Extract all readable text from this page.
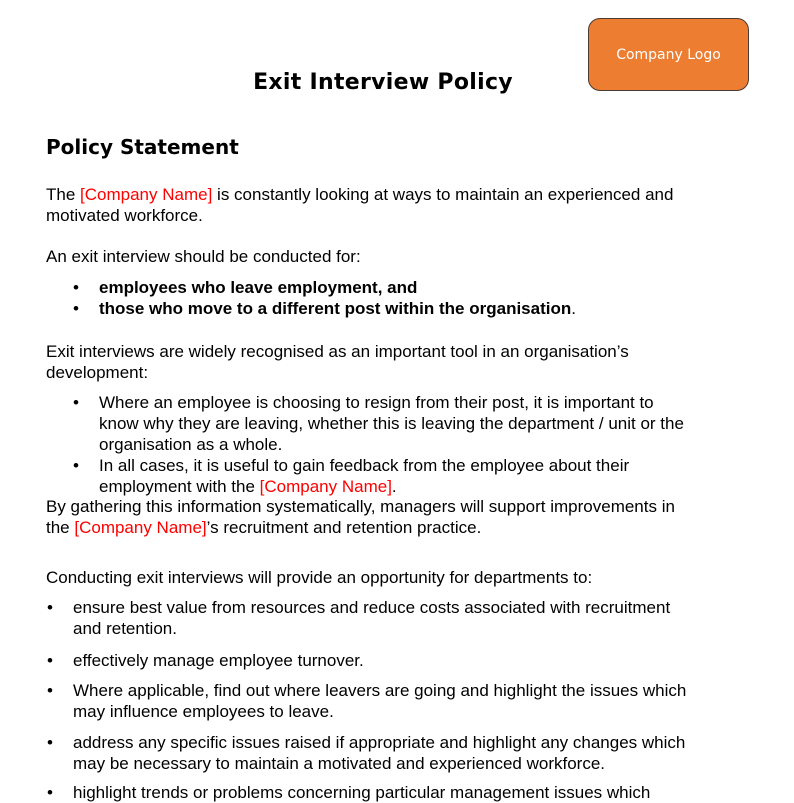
Company Logo
Exit Interview Policy
Policy Statement
The [Company Name] is constantly looking at ways to maintain an experienced and
motivated workforce.
An exit interview should be conducted for:
• employees who leave employment, and
• those who move to a different post within the organisation.
Exit interviews are widely recognised as an important tool in an organisation’s
development:
• Where an employee is choosing to resign from their post, it is important to
know why they are leaving, whether this is leaving the department / unit or the
organisation as a whole.
• In all cases, it is useful to gain feedback from the employee about their
employment with the [Company Name].
By gathering this information systematically, managers will support improvements in
the [Company Name]’s recruitment and retention practice.
Conducting exit interviews will provide an opportunity for departments to:
• ensure best value from resources and reduce costs associated with recruitment
and retention.
• effectively manage employee turnover.
• Where applicable, find out where leavers are going and highlight the issues which
may influence employees to leave.
• address any specific issues raised if appropriate and highlight any changes which
may be necessary to maintain a motivated and experienced workforce.
• highlight trends or problems concerning particular management issues which
